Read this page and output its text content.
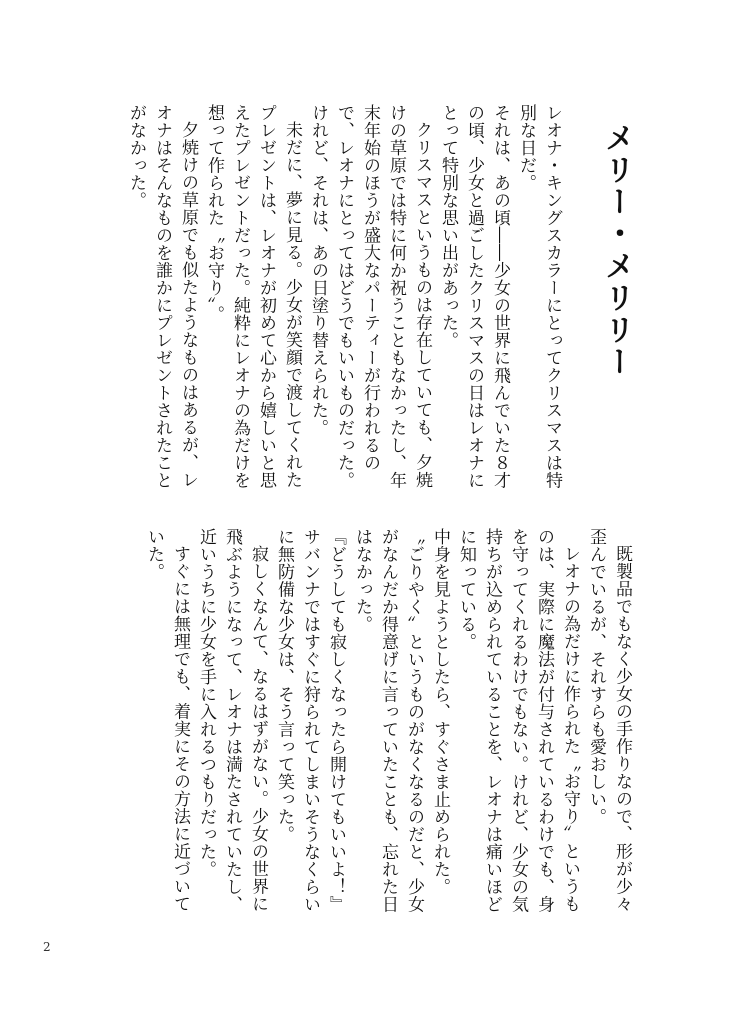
メリー・メリリー

レオナ・キングスカラーにとってクリスマスは特別な日だ。

それは、あの頃――少女の世界に飛んでいた８才の頃、少女と過ごしたクリスマスの日はレオナにとって特別な思い出があった。

クリスマスというものは存在していても、夕焼けの草原では特に何か祝うこともなかったし、年末年始のほうが盛大なパーティーが行われるので、レオナにとってはどうでもいいものだった。

けれど、それは、あの日塗り替えられた。

未だに、夢に見る。少女が笑顔で渡してくれたプレゼントは、レオナが初めて心から嬉しいと思えたプレゼントだった。純粋にレオナの為だけを想って作られた〝お守り〟。

夕焼けの草原でも似たようなものはあるが、レオナはそんなものを誰かにプレゼントされたことがなかった。

既製品でもなく少女の手作りなので、形が少々歪んでいるが、それすらも愛おしい。

レオナの為だけに作られた〝お守り〟というものは、実際に魔法が付与されているわけでも、身を守ってくれるわけでもない。けれど、少女の気持ちが込められていることを、レオナは痛いほどに知っている。

中身を見ようとしたら、すぐさま止められた。

〝ごりやく〟というものがなくなるのだと、少女がなんだか得意げに言っていたことも、忘れた日はなかった。

『どうしても寂しくなったら開けてもいいよ！』

サバンナではすぐに狩られてしまいそうなくらいに無防備な少女は、そう言って笑った。

寂しくなんて、なるはずがない。少女の世界に飛ぶようになって、レオナは満たされていたし、近いうちに少女を手に入れるつもりだった。

すぐには無理でも、着実にその方法に近づいていた。

2
